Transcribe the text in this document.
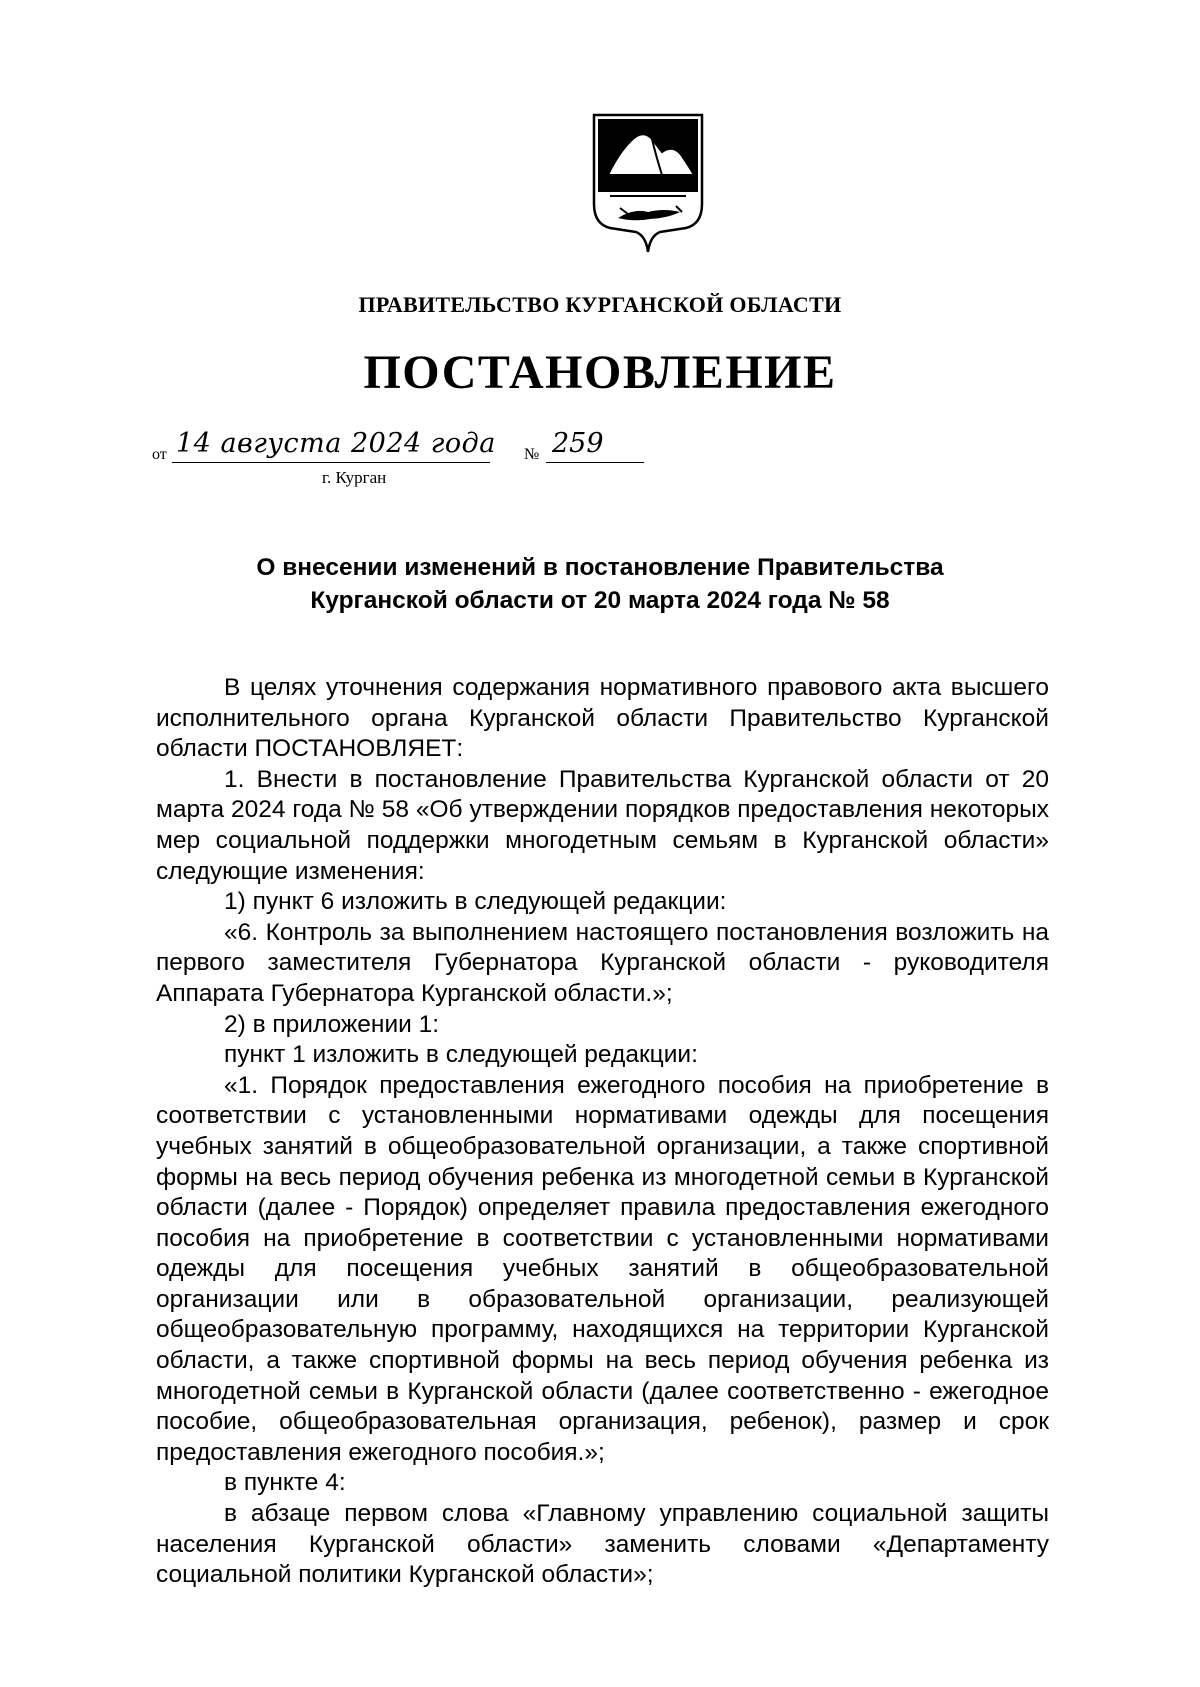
ПРАВИТЕЛЬСТВО КУРГАНСКОЙ ОБЛАСТИ
ПОСТАНОВЛЕНИЕ
от 14 августа 2024 года № 259
г. Курган
О внесении изменений в постановление Правительства
Курганской области от 20 марта 2024 года № 58

В целях уточнения содержания нормативного правового акта высшего исполнительного органа Курганской области Правительство Курганской области ПОСТАНОВЛЯЕТ:

1. Внести в постановление Правительства Курганской области от 20 марта 2024 года № 58 «Об утверждении порядков предоставления некоторых мер социальной поддержки многодетным семьям в Курганской области» следующие изменения:

1) пункт 6 изложить в следующей редакции:

«6. Контроль за выполнением настоящего постановления возложить на первого заместителя Губернатора Курганской области - руководителя Аппарата Губернатора Курганской области.»;

2) в приложении 1:

пункт 1 изложить в следующей редакции:

«1. Порядок предоставления ежегодного пособия на приобретение в соответствии с установленными нормативами одежды для посещения учебных занятий в общеобразовательной организации, а также спортивной формы на весь период обучения ребенка из многодетной семьи в Курганской области (далее - Порядок) определяет правила предоставления ежегодного пособия на приобретение в соответствии с установленными нормативами одежды для посещения учебных занятий в общеобразовательной организации или в образовательной организации, реализующей общеобразовательную программу, находящихся на территории Курганской области, а также спортивной формы на весь период обучения ребенка из многодетной семьи в Курганской области (далее соответственно - ежегодное пособие, общеобразовательная организация, ребенок), размер и срок предоставления ежегодного пособия.»;

в пункте 4:

в абзаце первом слова «Главному управлению социальной защиты населения Курганской области» заменить словами «Департаменту социальной политики Курганской области»;
